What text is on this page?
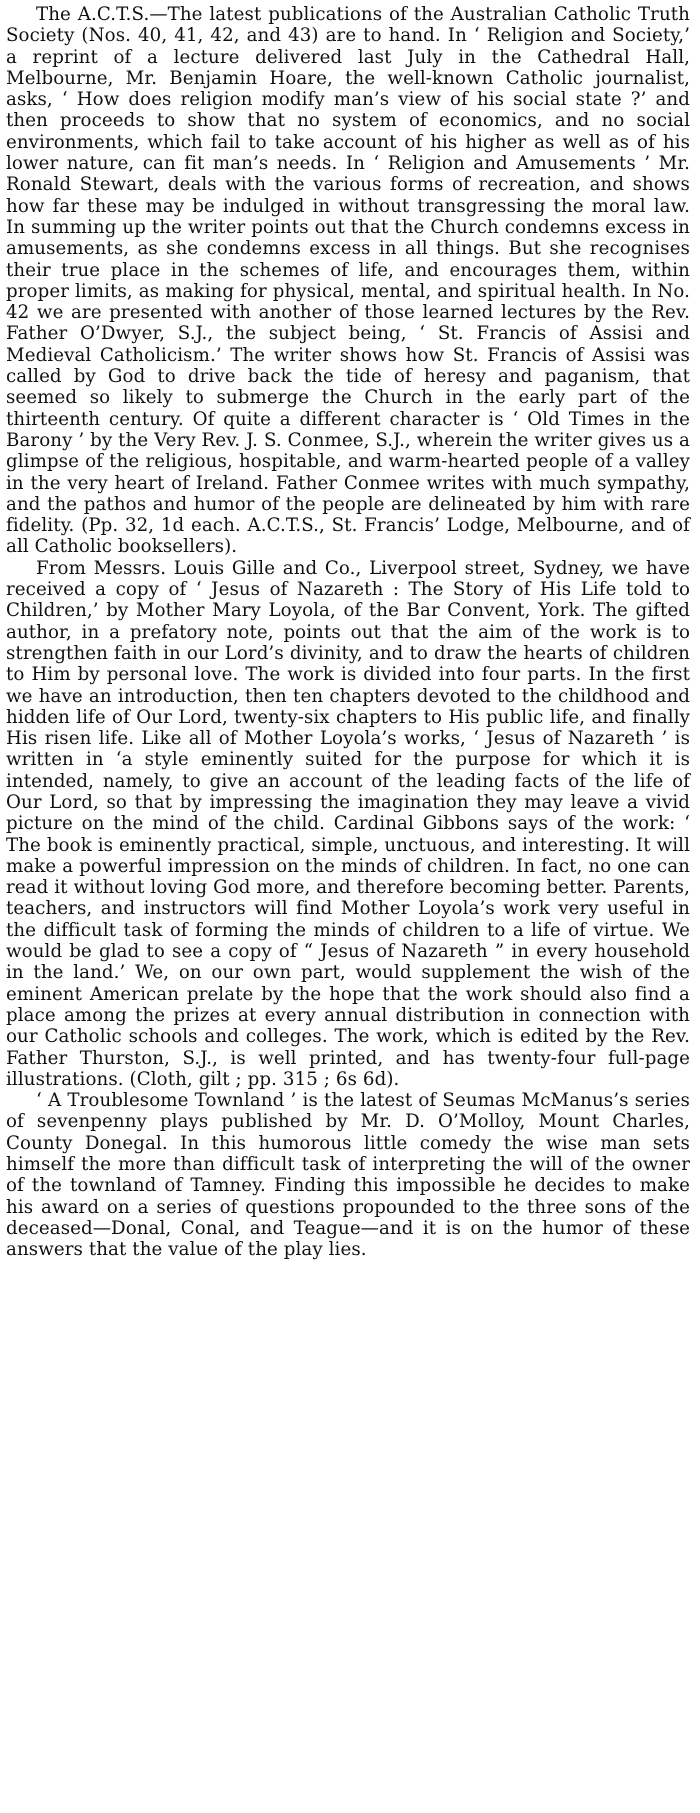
The A.C.T.S.—The latest publications of the Australian Catholic Truth Society (Nos. 40, 41, 42, and 43) are to hand. In ‘ Religion and Society,’ a reprint of a lecture delivered last July in the Cathedral Hall, Melbourne, Mr. Benjamin Hoare, the well-known Catholic journalist, asks, ‘ How does religion modify man’s view of his social state ?’ and then proceeds to show that no system of economics, and no social environments, which fail to take account of his higher as well as of his lower nature, can fit man’s needs. In ‘ Religion and Amusements ’ Mr. Ronald Stewart, deals with the various forms of recreation, and shows how far these may be indulged in without transgressing the moral law. In summing up the writer points out that the Church condemns excess in amusements, as she condemns excess in all things. But she recognises their true place in the schemes of life, and encourages them, within proper limits, as making for physical, mental, and spiritual health. In No. 42 we are presented with another of those learned lectures by the Rev. Father O’Dwyer, S.J., the subject being, ‘ St. Francis of Assisi and Medieval Catholicism.’ The writer shows how St. Francis of Assisi was called by God to drive back the tide of heresy and paganism, that seemed so likely to submerge the Church in the early part of the thirteenth century. Of quite a different character is ‘ Old Times in the Barony ’ by the Very Rev. J. S. Conmee, S.J., wherein the writer gives us a glimpse of the religious, hospitable, and warm-hearted people of a valley in the very heart of Ireland. Father Conmee writes with much sympathy, and the pathos and humor of the people are delineated by him with rare fidelity. (Pp. 32, 1d each. A.C.T.S., St. Francis’ Lodge, Melbourne, and of all Catholic booksellers).

From Messrs. Louis Gille and Co., Liverpool street, Sydney, we have received a copy of ‘ Jesus of Nazareth : The Story of His Life told to Children,’ by Mother Mary Loyola, of the Bar Convent, York. The gifted author, in a prefatory note, points out that the aim of the work is to strengthen faith in our Lord’s divinity, and to draw the hearts of children to Him by personal love. The work is divided into four parts. In the first we have an introduction, then ten chapters devoted to the childhood and hidden life of Our Lord, twenty-six chapters to His public life, and finally His risen life. Like all of Mother Loyola’s works, ‘ Jesus of Nazareth ’ is written in ‘a style eminently suited for the purpose for which it is intended, namely, to give an account of the leading facts of the life of Our Lord, so that by impressing the imagination they may leave a vivid picture on the mind of the child. Cardinal Gibbons says of the work: ‘ The book is eminently practical, simple, unctuous, and interesting. It will make a powerful impression on the minds of children. In fact, no one can read it without loving God more, and therefore becoming better. Parents, teachers, and instructors will find Mother Loyola’s work very useful in the difficult task of forming the minds of children to a life of virtue. We would be glad to see a copy of “ Jesus of Nazareth ” in every household in the land.’ We, on our own part, would supplement the wish of the eminent American prelate by the hope that the work should also find a place among the prizes at every annual distribution in connection with our Catholic schools and colleges. The work, which is edited by the Rev. Father Thurston, S.J., is well printed, and has twenty-four full-page illustrations. (Cloth, gilt ; pp. 315 ; 6s 6d).

‘ A Troublesome Townland ’ is the latest of Seumas McManus’s series of sevenpenny plays published by Mr. D. O’Molloy, Mount Charles, County Donegal. In this humorous little comedy the wise man sets himself the more than difficult task of interpreting the will of the owner of the townland of Tamney. Finding this impossible he decides to make his award on a series of questions propounded to the three sons of the deceased—Donal, Conal, and Teague—and it is on the humor of these answers that the value of the play lies.
